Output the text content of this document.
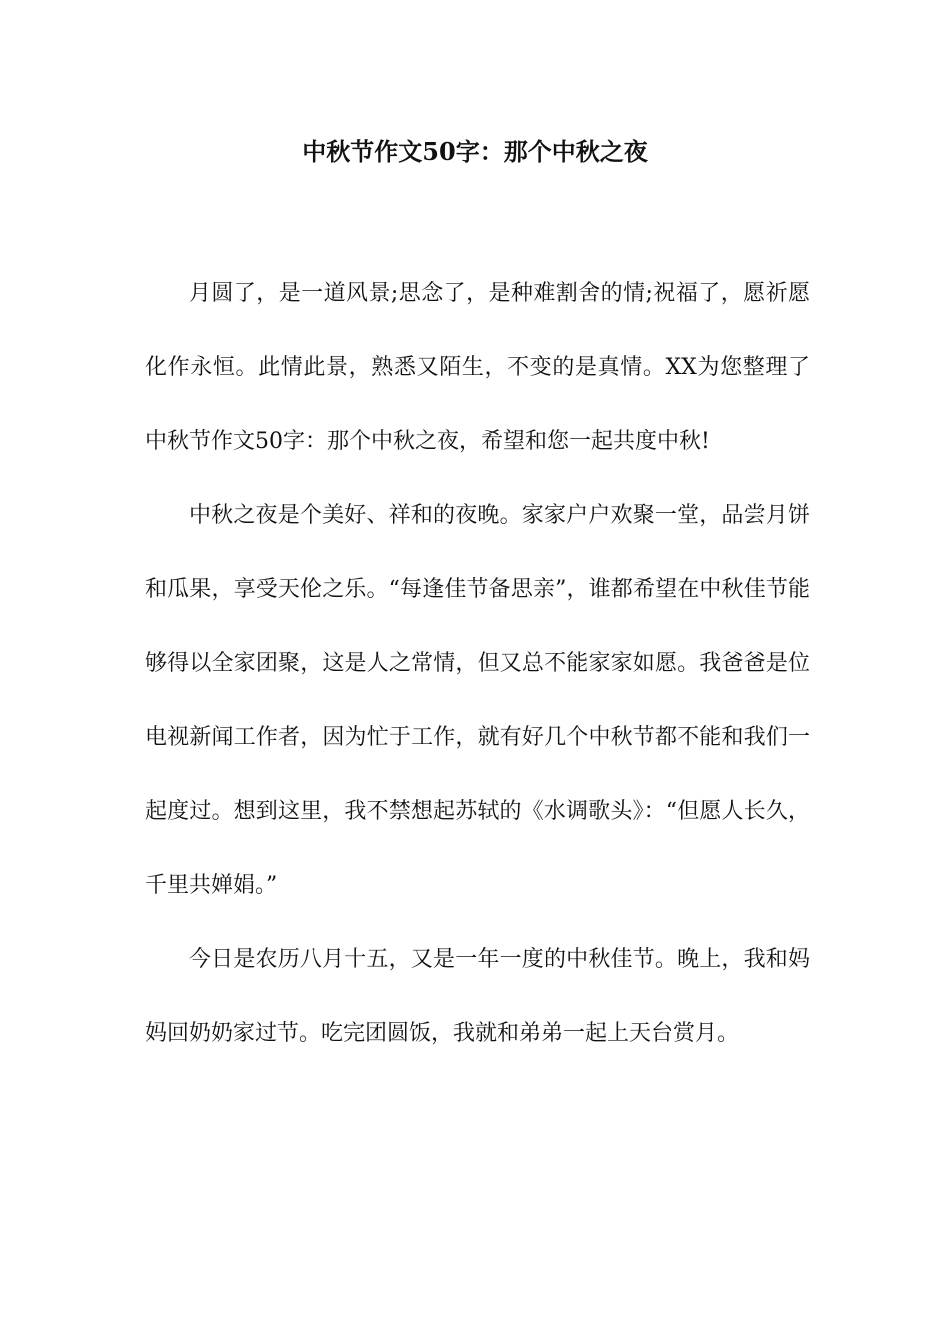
中秋节作文50字：那个中秋之夜

月圆了，是一道风景;思念了，是种难割舍的情;祝福了，愿祈愿化作永恒。此情此景，熟悉又陌生，不变的是真情。XX为您整理了中秋节作文50字：那个中秋之夜，希望和您一起共度中秋!

中秋之夜是个美好、祥和的夜晚。家家户户欢聚一堂，品尝月饼和瓜果，享受天伦之乐。“每逢佳节备思亲”，谁都希望在中秋佳节能够得以全家团聚，这是人之常情，但又总不能家家如愿。我爸爸是位电视新闻工作者，因为忙于工作，就有好几个中秋节都不能和我们一起度过。想到这里，我不禁想起苏轼的《水调歌头》：“但愿人长久，千里共婵娟。”

今日是农历八月十五，又是一年一度的中秋佳节。晚上，我和妈妈回奶奶家过节。吃完团圆饭，我就和弟弟一起上天台赏月。
